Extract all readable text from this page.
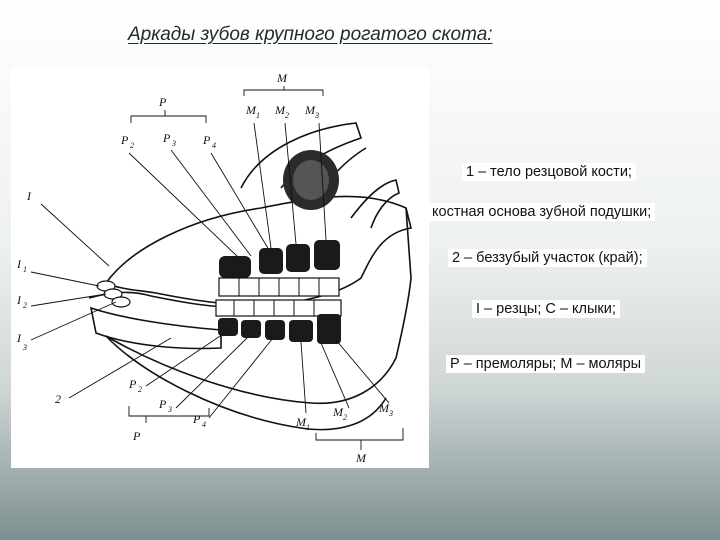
Аркады зубов крупного рогатого скота:
M
M 1 M 2 M 3
P
P 2
P 3 P 4
I
I 1
I 2
I
3
2
P 2
P 3
P 4
P
M 1
M 2
M 3
M
1 – тело резцовой кости;
костная основа зубной подушки;
2 – беззубый участок (край);
I – резцы; С – клыки;
Р – премоляры; М – моляры
